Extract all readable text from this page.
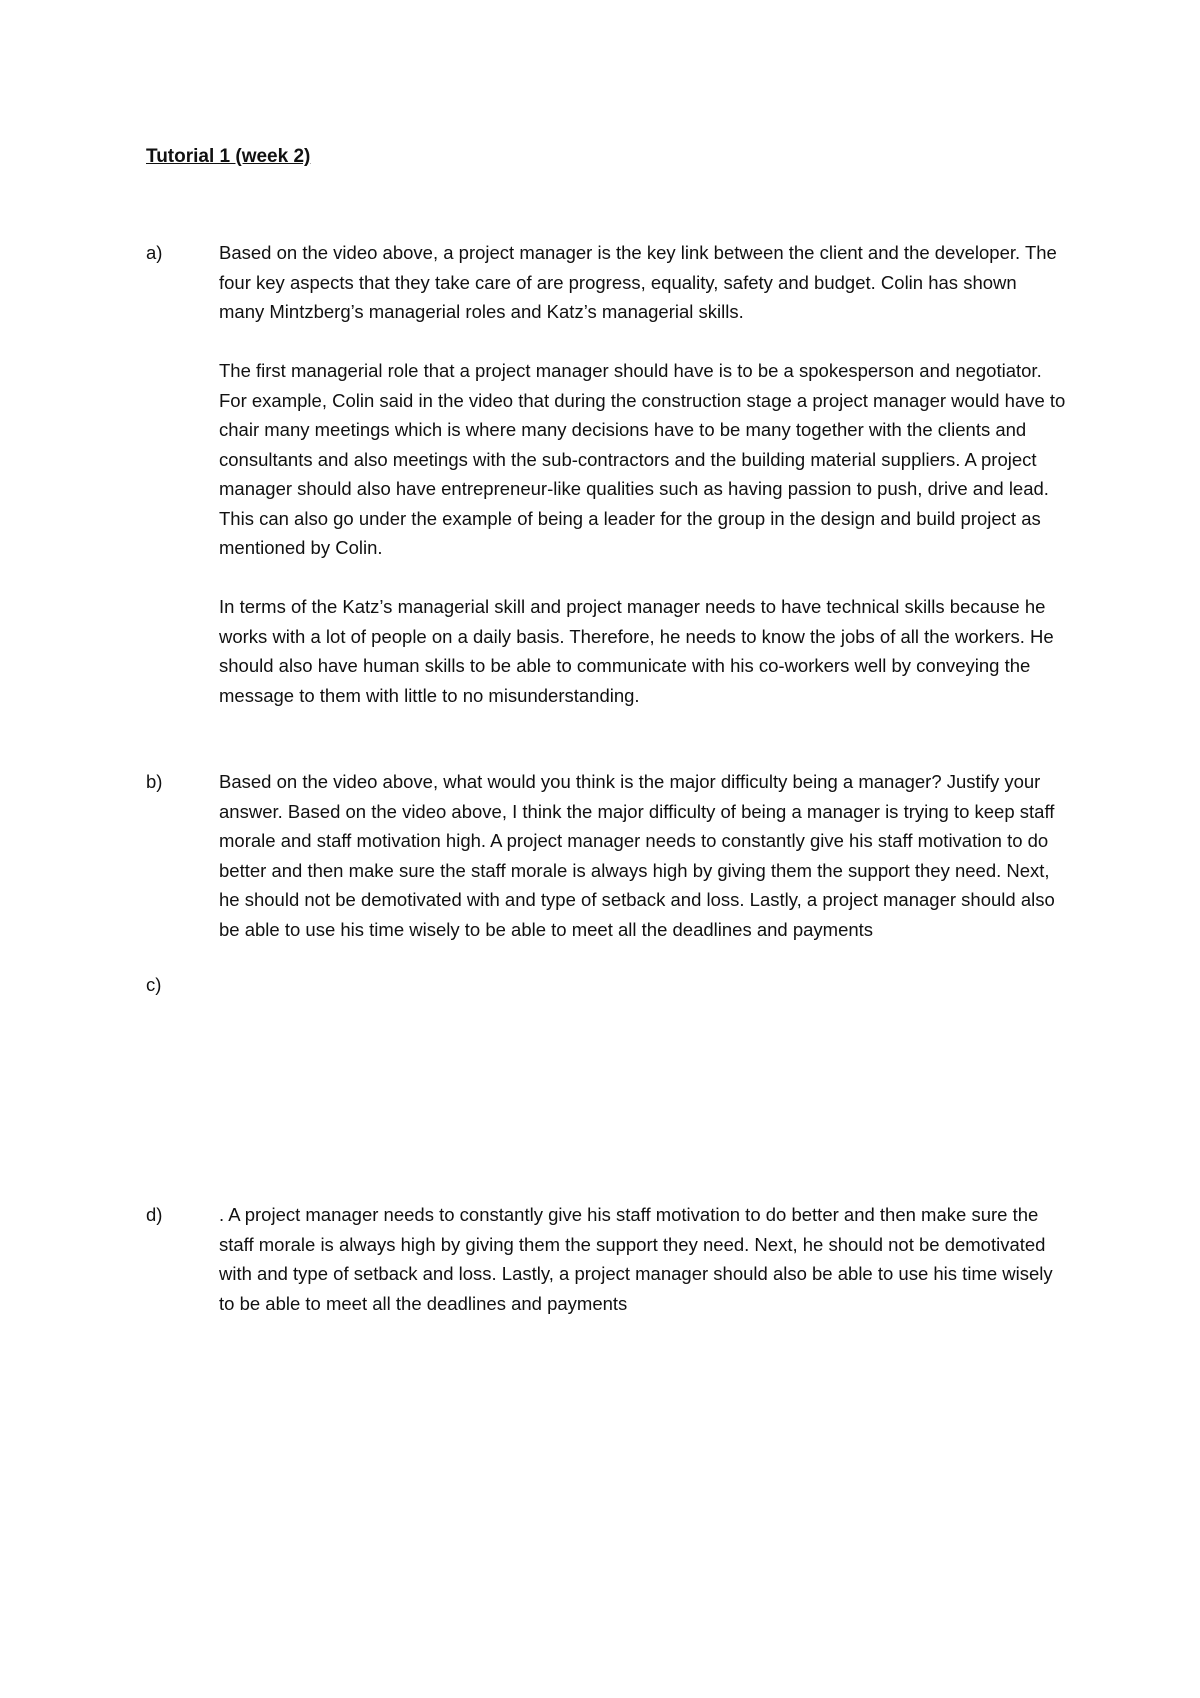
Tutorial 1 (week 2)
a)	Based on the video above, a project manager is the key link between the client and the developer. The four key aspects that they take care of are progress, equality, safety and budget. Colin has shown many Mintzberg’s managerial roles and Katz’s managerial skills.

The first managerial role that a project manager should have is to be a spokesperson and negotiator. For example, Colin said in the video that during the construction stage a project manager would have to chair many meetings which is where many decisions have to be many together with the clients and consultants and also meetings with the sub-contractors and the building material suppliers. A project manager should also have entrepreneur-like qualities such as having passion to push, drive and lead. This can also go under the example of being a leader for the group in the design and build project as mentioned by Colin.

In terms of the Katz’s managerial skill and project manager needs to have technical skills because he works with a lot of people on a daily basis. Therefore, he needs to know the jobs of all the workers. He should also have human skills to be able to communicate with his co-workers well by conveying the message to them with little to no misunderstanding.

b)	Based on the video above, what would you think is the major difficulty being a manager? Justify your answer. Based on the video above, I think the major difficulty of being a manager is trying to keep staff morale and staff motivation high. A project manager needs to constantly give his staff motivation to do better and then make sure the staff morale is always high by giving them the support they need. Next, he should not be demotivated with and type of setback and loss. Lastly, a project manager should also be able to use his time wisely to be able to meet all the deadlines and payments

c)
d)	. A project manager needs to constantly give his staff motivation to do better and then make sure the staff morale is always high by giving them the support they need. Next, he should not be demotivated with and type of setback and loss. Lastly, a project manager should also be able to use his time wisely to be able to meet all the deadlines and payments
